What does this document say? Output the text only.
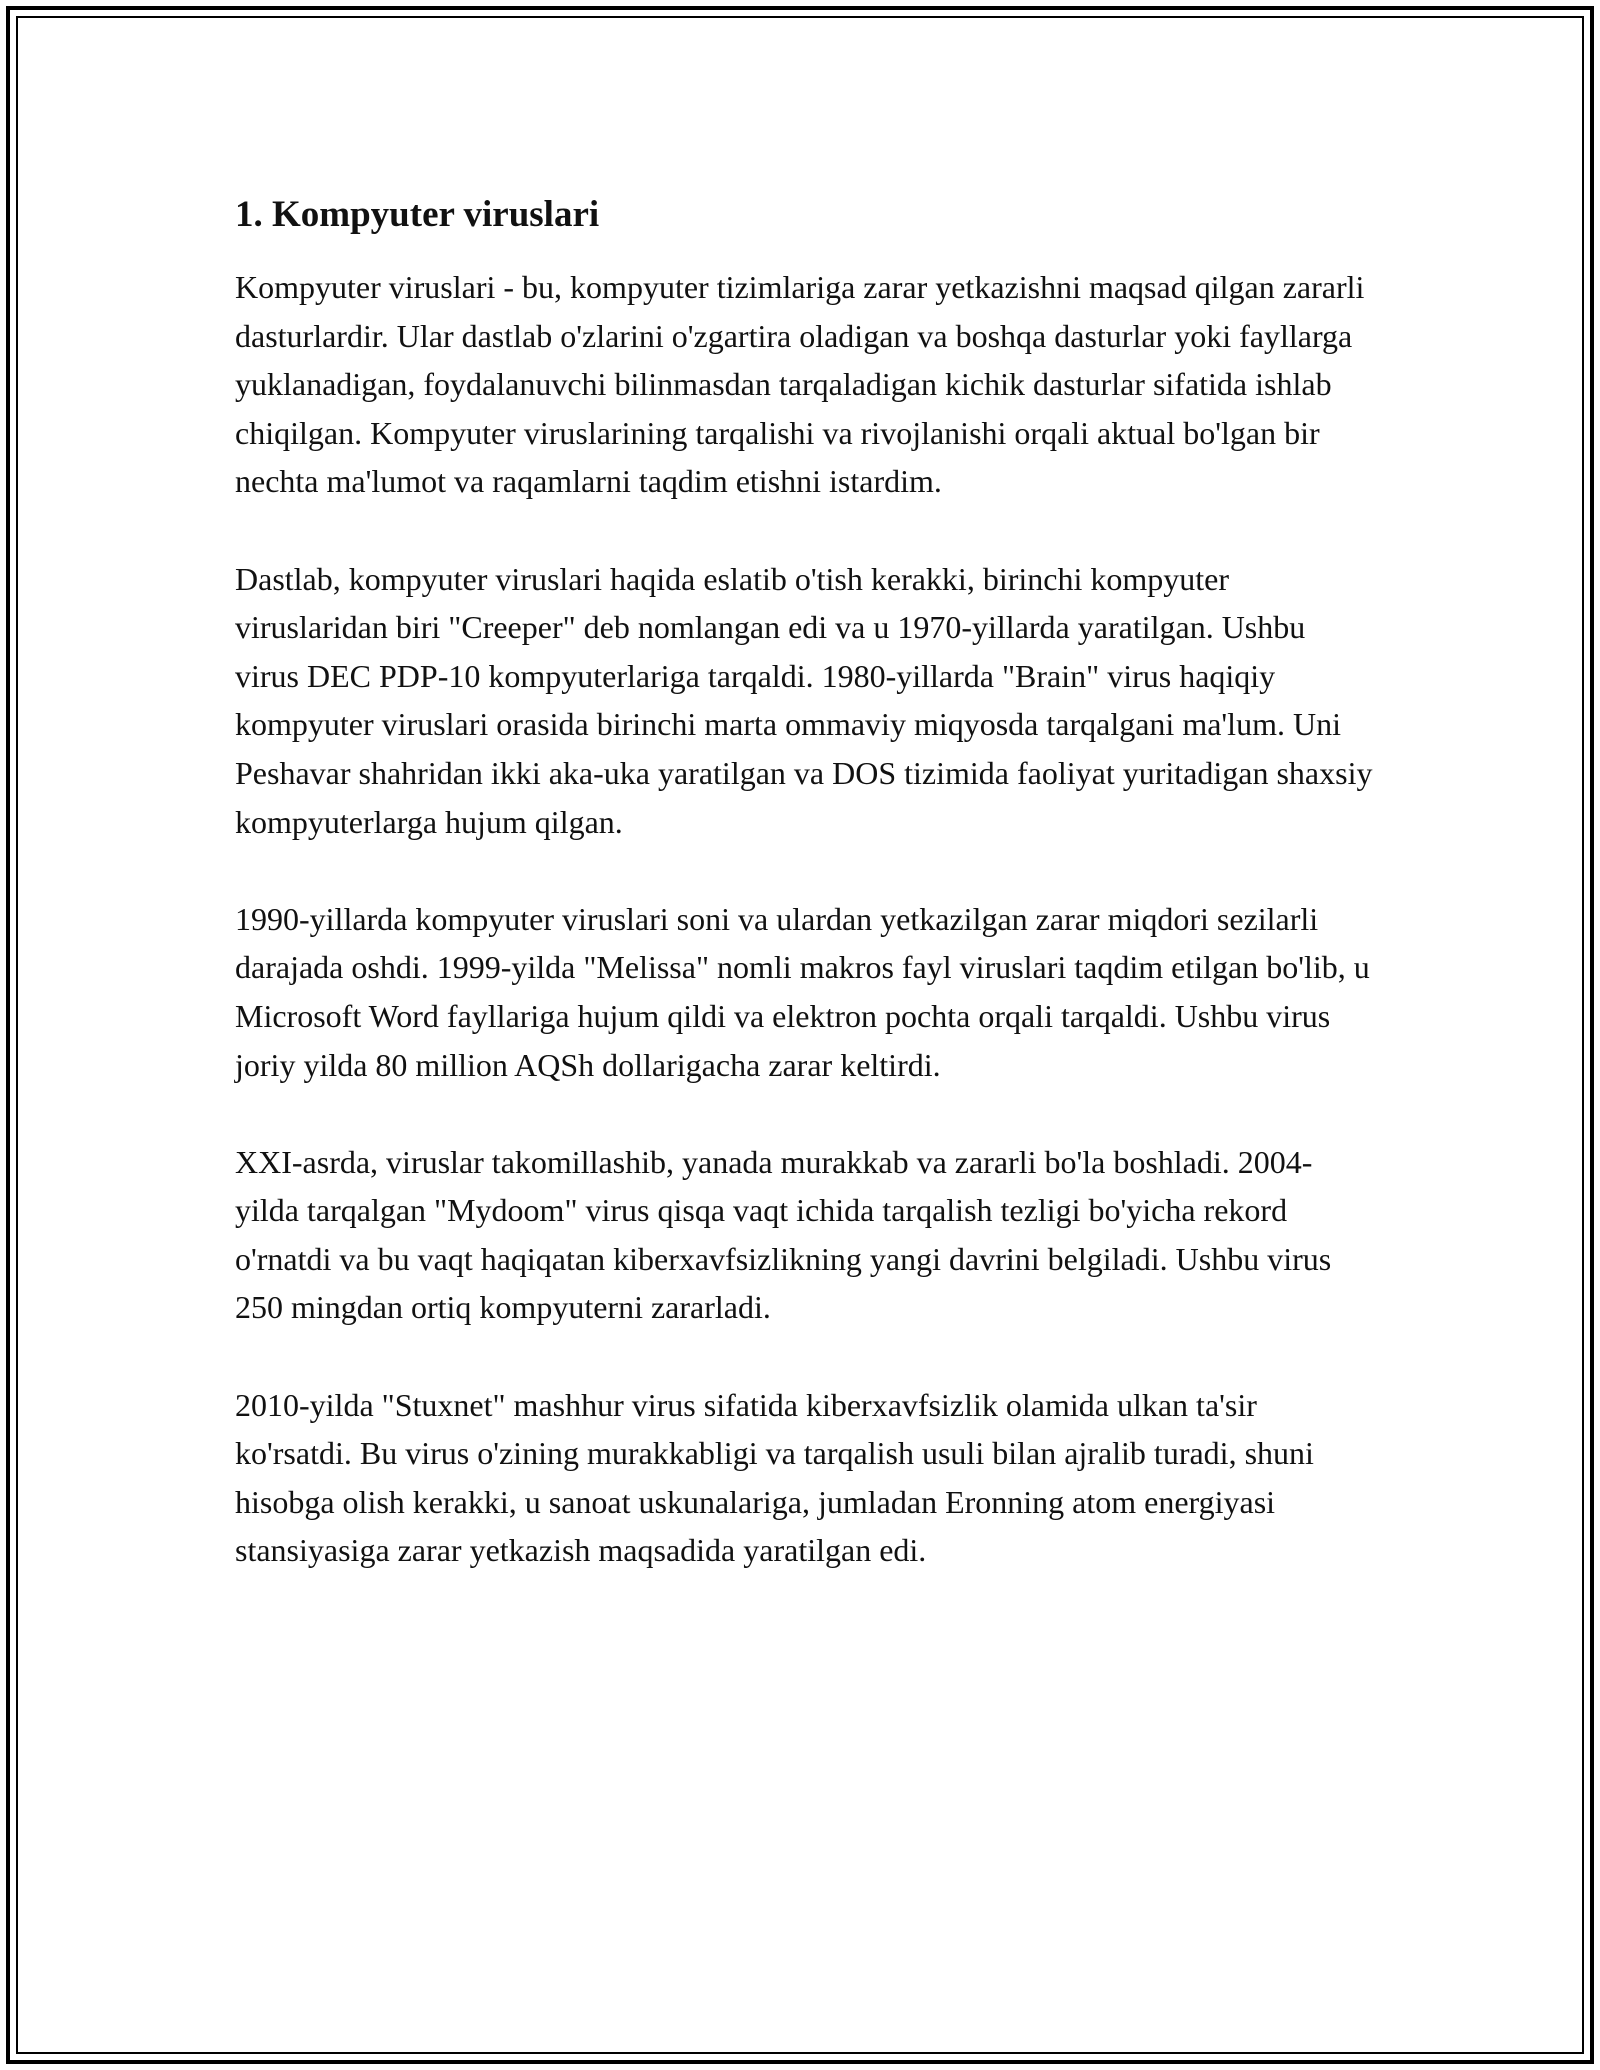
1. Kompyuter viruslari

Kompyuter viruslari - bu, kompyuter tizimlariga zarar yetkazishni maqsad qilgan zararli dasturlardir. Ular dastlab o'zlarini o'zgartira oladigan va boshqa dasturlar yoki fayllarga yuklanadigan, foydalanuvchi bilinmasdan tarqaladigan kichik dasturlar sifatida ishlab chiqilgan. Kompyuter viruslarining tarqalishi va rivojlanishi orqali aktual bo'lgan bir nechta ma'lumot va raqamlarni taqdim etishni istardim.

Dastlab, kompyuter viruslari haqida eslatib o'tish kerakki, birinchi kompyuter viruslaridan biri "Creeper" deb nomlangan edi va u 1970-yillarda yaratilgan. Ushbu virus DEC PDP-10 kompyuterlariga tarqaldi. 1980-yillarda "Brain" virus haqiqiy kompyuter viruslari orasida birinchi marta ommaviy miqyosda tarqalgani ma'lum. Uni Peshavar shahridan ikki aka-uka yaratilgan va DOS tizimida faoliyat yuritadigan shaxsiy kompyuterlarga hujum qilgan.

1990-yillarda kompyuter viruslari soni va ulardan yetkazilgan zarar miqdori sezilarli darajada oshdi. 1999-yilda "Melissa" nomli makros fayl viruslari taqdim etilgan bo'lib, u Microsoft Word fayllariga hujum qildi va elektron pochta orqali tarqaldi. Ushbu virus joriy yilda 80 million AQSh dollarigacha zarar keltirdi.

XXI-asrda, viruslar takomillashib, yanada murakkab va zararli bo'la boshladi. 2004-yilda tarqalgan "Mydoom" virus qisqa vaqt ichida tarqalish tezligi bo'yicha rekord o'rnatdi va bu vaqt haqiqatan kiberxavfsizlikning yangi davrini belgiladi. Ushbu virus 250 mingdan ortiq kompyuterni zararladi.

2010-yilda "Stuxnet" mashhur virus sifatida kiberxavfsizlik olamida ulkan ta'sir ko'rsatdi. Bu virus o'zining murakkabligi va tarqalish usuli bilan ajralib turadi, shuni hisobga olish kerakki, u sanoat uskunalariga, jumladan Eronning atom energiyasi stansiyasiga zarar yetkazish maqsadida yaratilgan edi.
